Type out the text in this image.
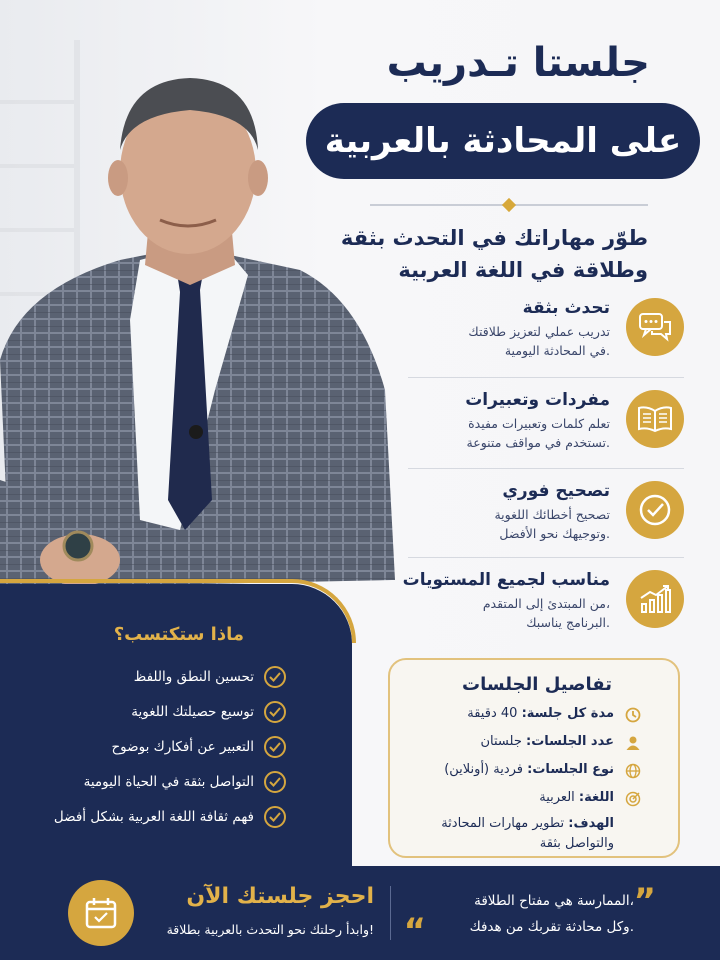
جلستا تـدريب
على المحادثة بالعربية
طوّر مهاراتك في التحدث بثقة
وطلاقة في اللغة العربية
تحدث بثقة
تدريب عملي لتعزيز طلاقتك
في المحادثة اليومية.
مفردات وتعبيرات
تعلم كلمات وتعبيرات مفيدة
تستخدم في مواقف متنوعة.
تصحيح فوري
تصحيح أخطائك اللغوية
وتوجيهك نحو الأفضل.
مناسب لجميع المستويات
من المبتدئ إلى المتقدم،
البرنامج يناسبك.
ماذا ستكتسب؟
تحسين النطق واللفظ
توسيع حصيلتك اللغوية
التعبير عن أفكارك بوضوح
التواصل بثقة في الحياة اليومية
فهم ثقافة اللغة العربية بشكل أفضل
تفاصيل الجلسات
مدة كل جلسة: 40 دقيقة
عدد الجلسات: جلستان
نوع الجلسات: فردية (أونلاين)
اللغة: العربية
الهدف: تطوير مهارات المحادثة
والتواصل بثقة
”
الممارسة هي مفتاح الطلاقة،
وكل محادثة تقربك من هدفك.
“
احجز جلستك الآن
وابدأ رحلتك نحو التحدث بالعربية بطلاقة!
